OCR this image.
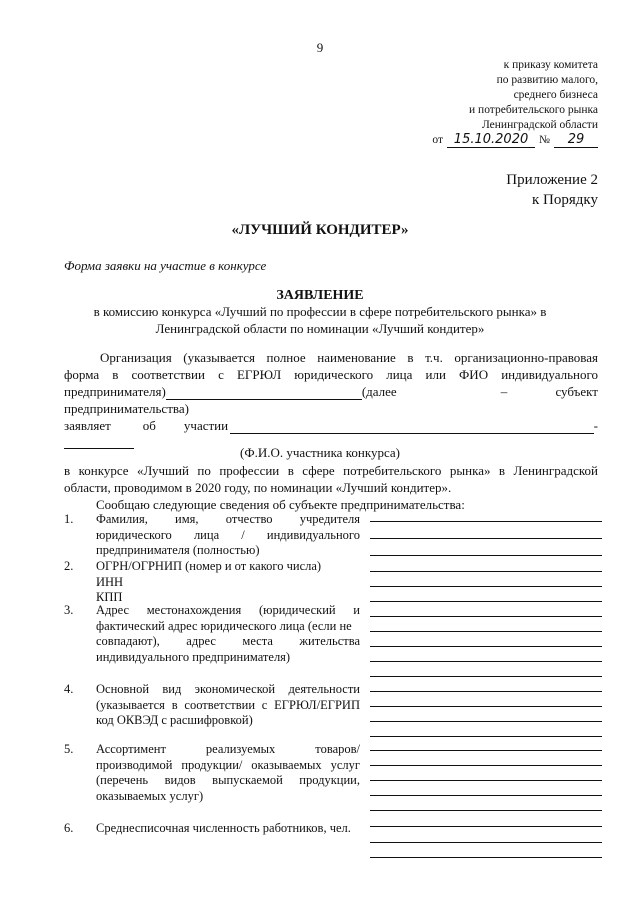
9
к приказу комитета
по развитию малого,
среднего бизнеса
и потребительского рынка
Ленинградской области
от 15.10.2020 №	29
Приложение 2
к Порядку
«ЛУЧШИЙ КОНДИТЕР»
Форма заявки на участие в конкурсе
ЗАЯВЛЕНИЕ
в комиссию конкурса «Лучший по профессии в сфере потребительского рынка» в
Ленинградской области по номинации «Лучший кондитер»
Организация (указывается полное наименование в т.ч. организационно-правовая
форма в соответствии с ЕГРЮЛ юридического лица или ФИО индивидуального
предпринимателя)	(далее	–	субъект
предпринимательства)
заявляет об участии	-
(Ф.И.О. участника конкурса)
в конкурсе «Лучший по профессии в сфере потребительского рынка» в Ленинградской
области, проводимом в 2020 году, по номинации «Лучший кондитер».
Сообщаю следующие сведения об субъекте предпринимательства:
1. Фамилия, имя, отчество учредителя
юридического лица / индивидуального
предпринимателя (полностью)
2. ОГРН/ОГРНИП (номер и от какого числа)
ИНН
КПП
3. Адрес местонахождения (юридический и
фактический адрес юридического лица (если не
совпадают), адрес места жительства
индивидуального предпринимателя)
4. Основной вид экономической деятельности
(указывается в соответствии с ЕГРЮЛ/ЕГРИП
код ОКВЭД с расшифровкой)
5. Ассортимент реализуемых товаров/
производимой продукции/ оказываемых услуг
(перечень видов выпускаемой продукции,
оказываемых услуг)
6. Среднесписочная численность работников, чел.
